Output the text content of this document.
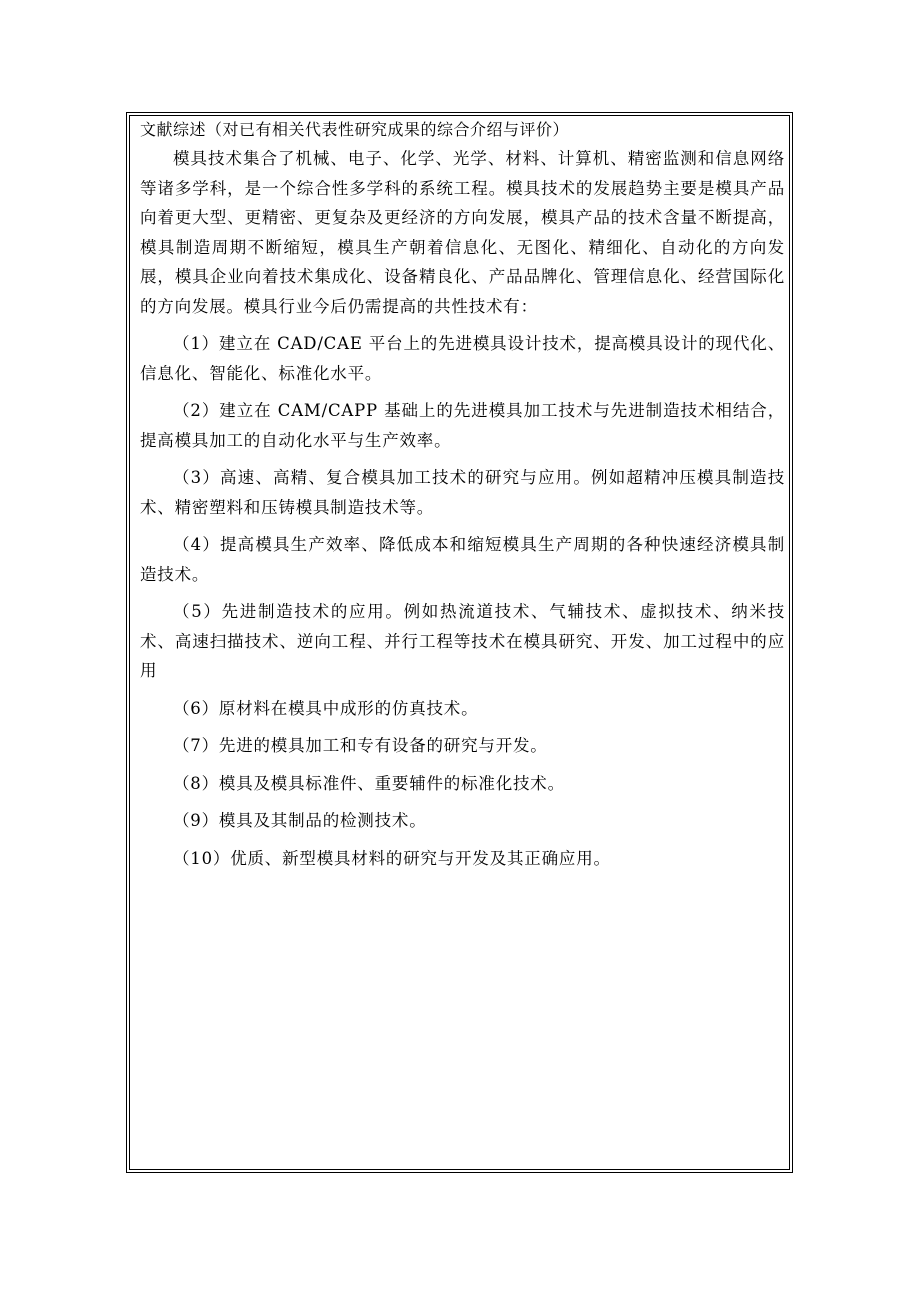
文献综述（对已有相关代表性研究成果的综合介绍与评价）

模具技术集合了机械、电子、化学、光学、材料、计算机、精密监测和信息网络等诸多学科，是一个综合性多学科的系统工程。模具技术的发展趋势主要是模具产品向着更大型、更精密、更复杂及更经济的方向发展，模具产品的技术含量不断提高，模具制造周期不断缩短，模具生产朝着信息化、无图化、精细化、自动化的方向发展，模具企业向着技术集成化、设备精良化、产品品牌化、管理信息化、经营国际化的方向发展。模具行业今后仍需提高的共性技术有：

（1）建立在 CAD/CAE 平台上的先进模具设计技术，提高模具设计的现代化、信息化、智能化、标准化水平。

（2）建立在 CAM/CAPP 基础上的先进模具加工技术与先进制造技术相结合，提高模具加工的自动化水平与生产效率。

（3）高速、高精、复合模具加工技术的研究与应用。例如超精冲压模具制造技术、精密塑料和压铸模具制造技术等。

（4）提高模具生产效率、降低成本和缩短模具生产周期的各种快速经济模具制造技术。

（5）先进制造技术的应用。例如热流道技术、气辅技术、虚拟技术、纳米技术、高速扫描技术、逆向工程、并行工程等技术在模具研究、开发、加工过程中的应用

（6）原材料在模具中成形的仿真技术。

（7）先进的模具加工和专有设备的研究与开发。

（8）模具及模具标准件、重要辅件的标准化技术。

（9）模具及其制品的检测技术。

（10）优质、新型模具材料的研究与开发及其正确应用。
